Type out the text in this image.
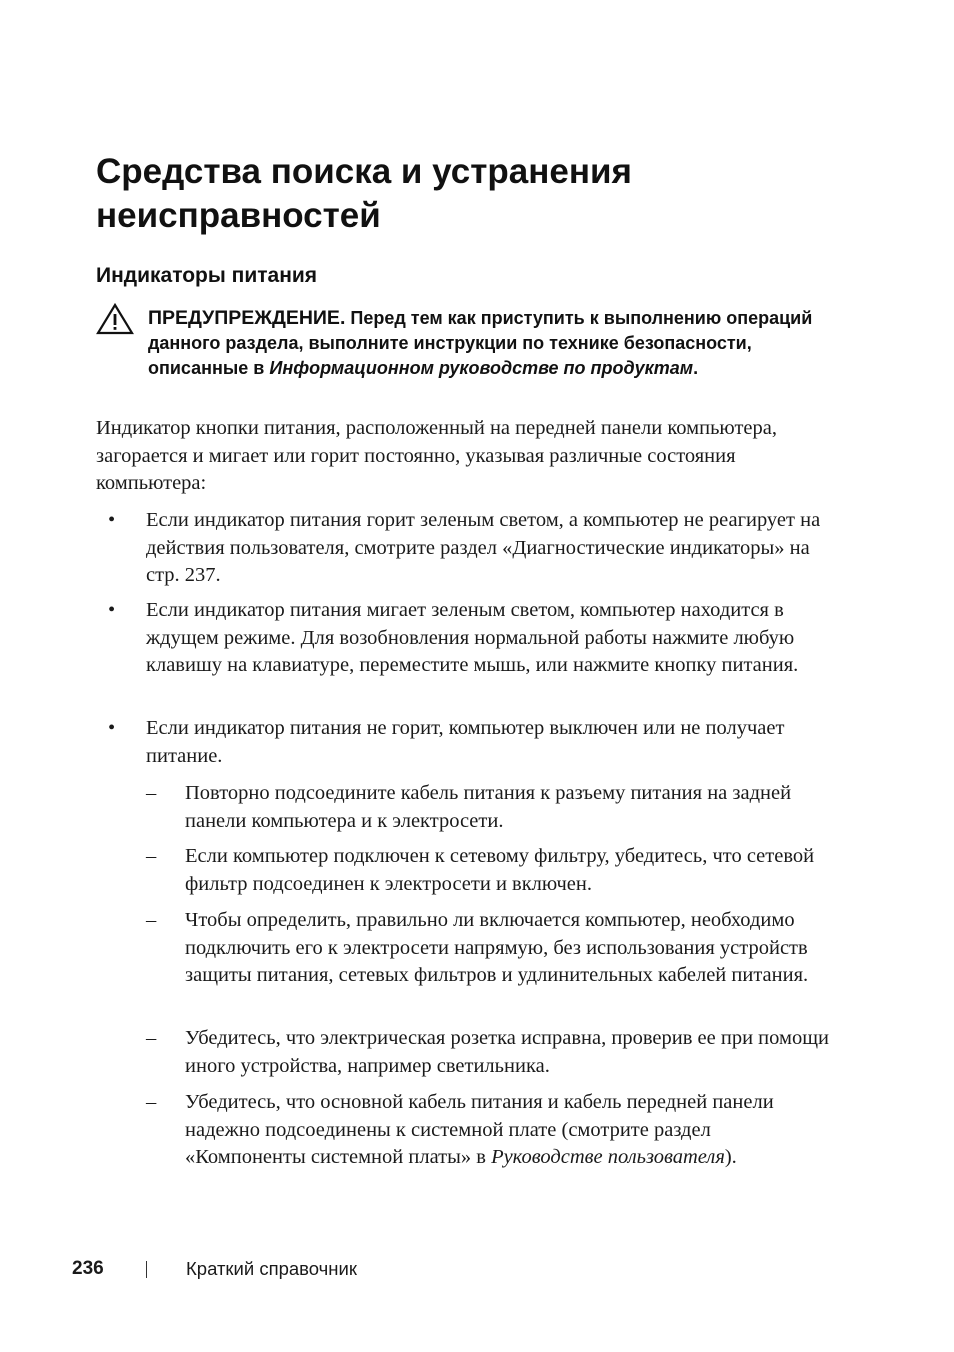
Средства поиска и устранения неисправностей
Индикаторы питания
ПРЕДУПРЕЖДЕНИЕ. Перед тем как приступить к выполнению операций данного раздела, выполните инструкции по технике безопасности, описанные в Информационном руководстве по продуктам.

Индикатор кнопки питания, расположенный на передней панели компьютера, загорается и мигает или горит постоянно, указывая различные состояния компьютера:

• Если индикатор питания горит зеленым светом, а компьютер не реагирует на действия пользователя, смотрите раздел «Диагностические индикаторы» на стр. 237.
• Если индикатор питания мигает зеленым светом, компьютер находится в ждущем режиме. Для возобновления нормальной работы нажмите любую клавишу на клавиатуре, переместите мышь, или нажмите кнопку питания.
• Если индикатор питания не горит, компьютер выключен или не получает питание.
– Повторно подсоедините кабель питания к разъему питания на задней панели компьютера и к электросети.
– Если компьютер подключен к сетевому фильтру, убедитесь, что сетевой фильтр подсоединен к электросети и включен.
– Чтобы определить, правильно ли включается компьютер, необходимо подключить его к электросети напрямую, без использования устройств защиты питания, сетевых фильтров и удлинительных кабелей питания.
– Убедитесь, что электрическая розетка исправна, проверив ее при помощи иного устройства, например светильника.
– Убедитесь, что основной кабель питания и кабель передней панели надежно подсоединены к системной плате (смотрите раздел «Компоненты системной платы» в Руководстве пользователя).
236	Краткий справочник
